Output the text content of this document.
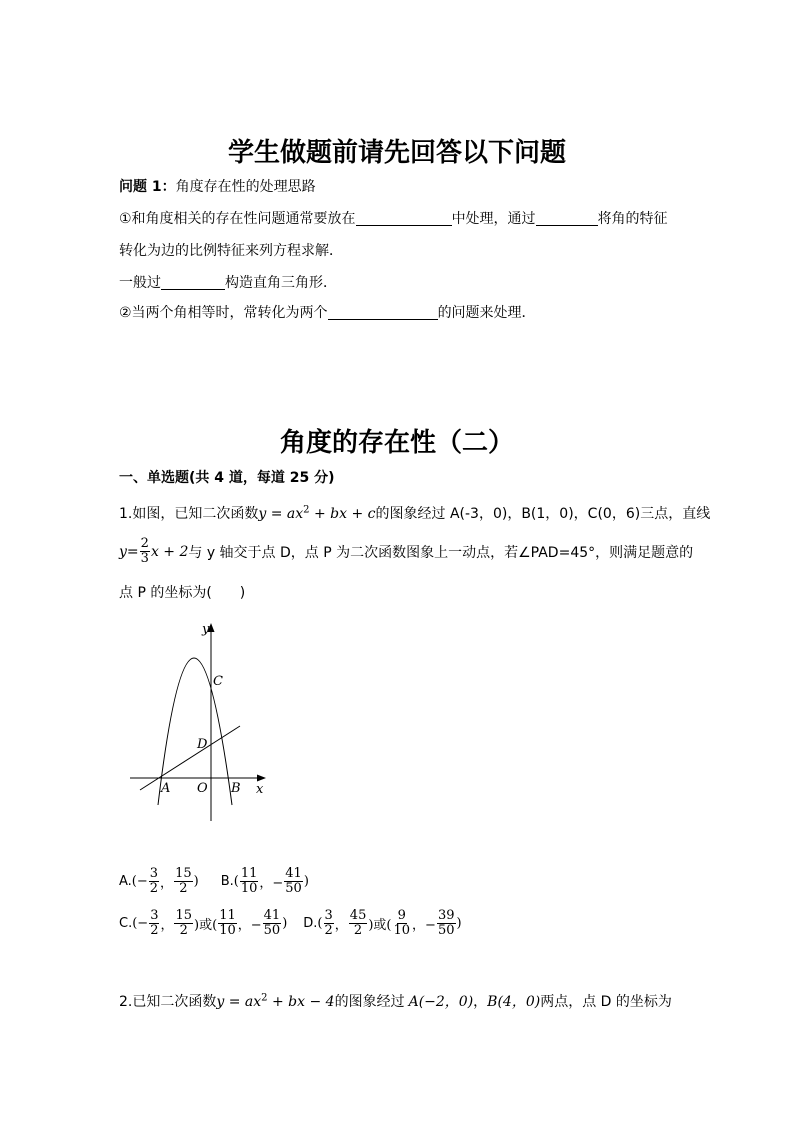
学生做题前请先回答以下问题
问题 1：角度存在性的处理思路
①和角度相关的存在性问题通常要放在	中处理，通过	将角的特征
转化为边的比例特征来列方程求解．
一般过	构造直角三角形．
②当两个角相等时，常转化为两个	的问题来处理．
角度的存在性（二）
一、单选题(共 4 道，每道 25 分)
1.如图，已知二次函数$y = ax^2$ + bx + c的图象经过 A(-3，0)，B(1，0)，C(0，6)三点，直线
$y = \frac{2}{3}$ x + 2 与 y 轴交于点 D，点 P 为二次函数图象上一动点，若∠PAD=45°，则满足题意的
点 P 的坐标为(　　)
y
x
C
D
A O B
A. (− $\frac{3}{2}$ ， $\frac{15}{2}$ ) B. ( $\frac{11}{10}$ ，− $\frac{41}{50}$ )
C. (− $\frac{3}{2}$ ， $\frac{15}{2}$ )或( $\frac{11}{10}$ ，− $\frac{41}{50}$ ) D. ( $\frac{3}{2}$ ， $\frac{45}{2}$ )或( $\frac{9}{10}$ ，− $\frac{39}{50}$ )
2.已知二次函数$y = ax^2$ + bx − 4的图象经过 A(−2，0)，B(4，0)两点，点 D 的坐标为
